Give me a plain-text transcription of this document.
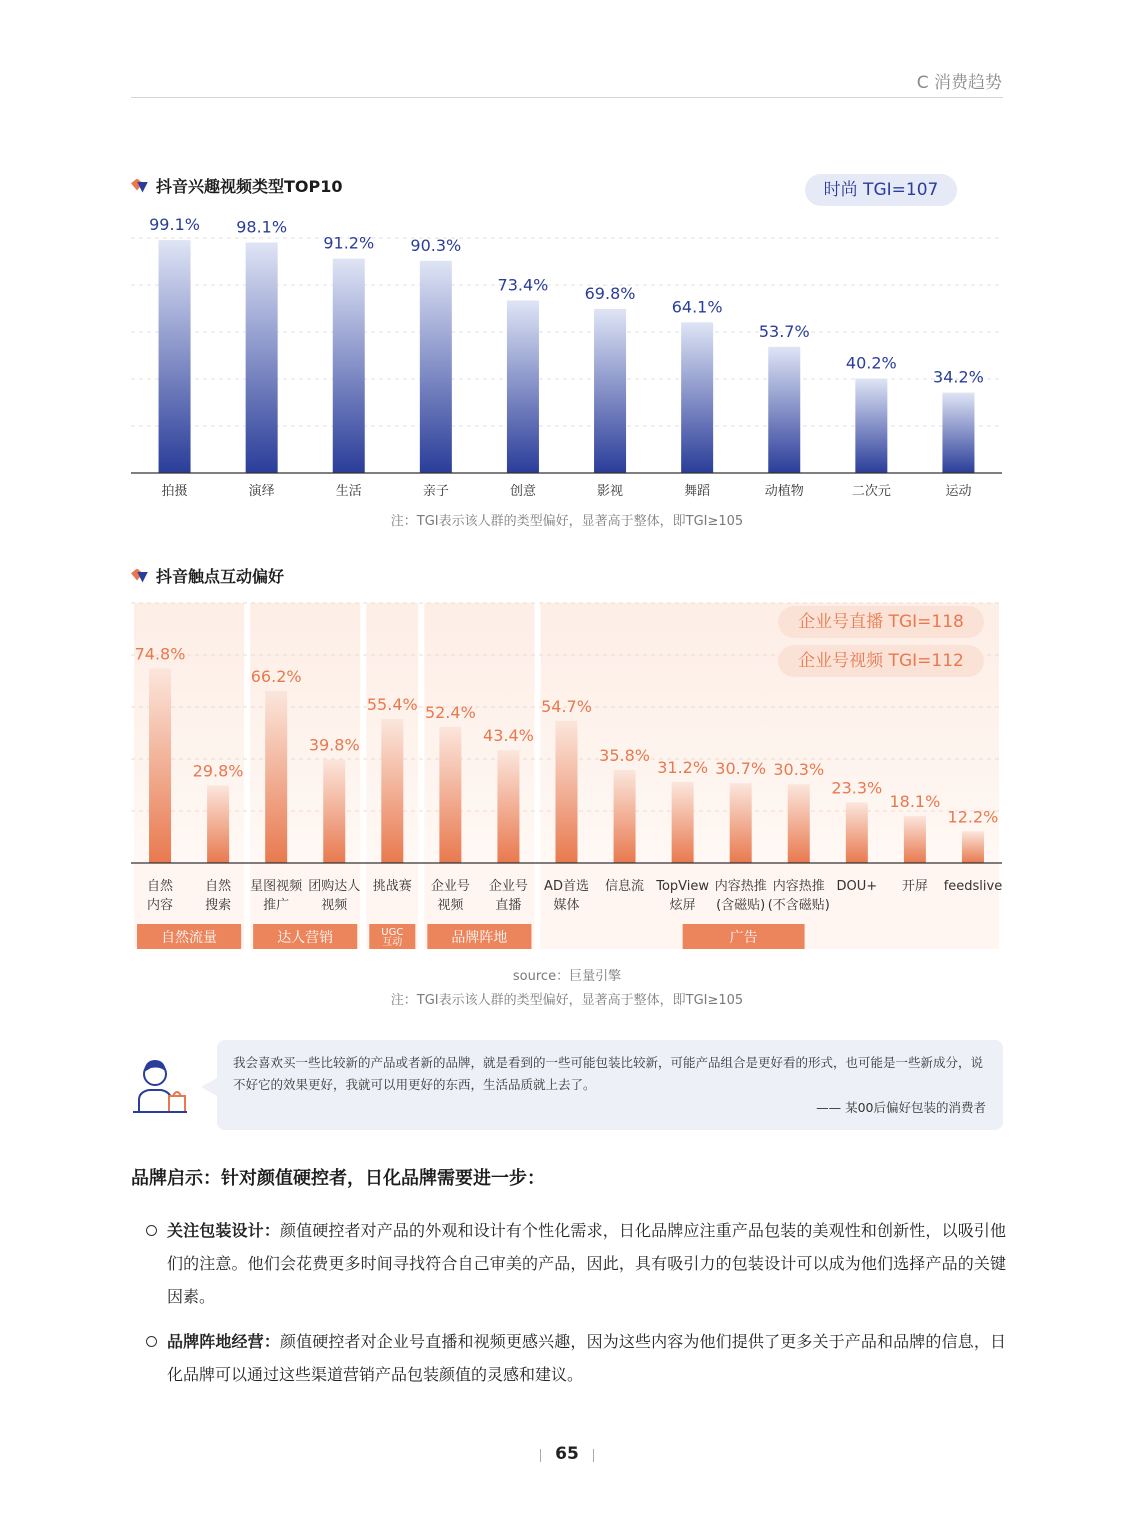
C 消费趋势
抖音兴趣视频类型TOP10	时尚 TGI=107
99.1%
拍摄
98.1%
演绎
91.2%
生活
90.3%
亲子
73.4%
创意
69.8%
影视
64.1%
舞蹈
53.7%
动植物
40.2%
二次元
34.2%
运动
注：TGI表示该人群的类型偏好，显著高于整体，即TGI≥105
抖音触点互动偏好
74.8%
自然
内容
29.8%
自然
搜索
66.2%
星图视频
推广
39.8%
团购达人
视频
55.4%
挑战赛
52.4%
企业号
视频
43.4%
企业号
直播
54.7%
AD首选
媒体
35.8%
信息流
31.2%
TopView
炫屏
30.7%
内容热推
(含磁贴)
30.3%
内容热推
(不含磁贴)
23.3%
DOU+
18.1%
开屏
12.2%
feedslive
自然流量	达人营销	UGC
互动	品牌阵地	广告
企业号直播 TGI=118
企业号视频 TGI=112
source：巨量引擎
注：TGI表示该人群的类型偏好，显著高于整体，即TGI≥105
我会喜欢买一些比较新的产品或者新的品牌，就是看到的一些可能包装比较新，可能产品组合是更好看的形式，也可能是一些新成分，说不好它的效果更好，我就可以用更好的东西，生活品质就上去了。
—— 某00后偏好包装的消费者
品牌启示：针对颜值硬控者，日化品牌需要进一步：
关注包装设计：颜值硬控者对产品的外观和设计有个性化需求，日化品牌应注重产品包装的美观性和创新性，以吸引他们的注意。他们会花费更多时间寻找符合自己审美的产品，因此，具有吸引力的包装设计可以成为他们选择产品的关键因素。
品牌阵地经营：颜值硬控者对企业号直播和视频更感兴趣，因为这些内容为他们提供了更多关于产品和品牌的信息，日化品牌可以通过这些渠道营销产品包装颜值的灵感和建议。
65
